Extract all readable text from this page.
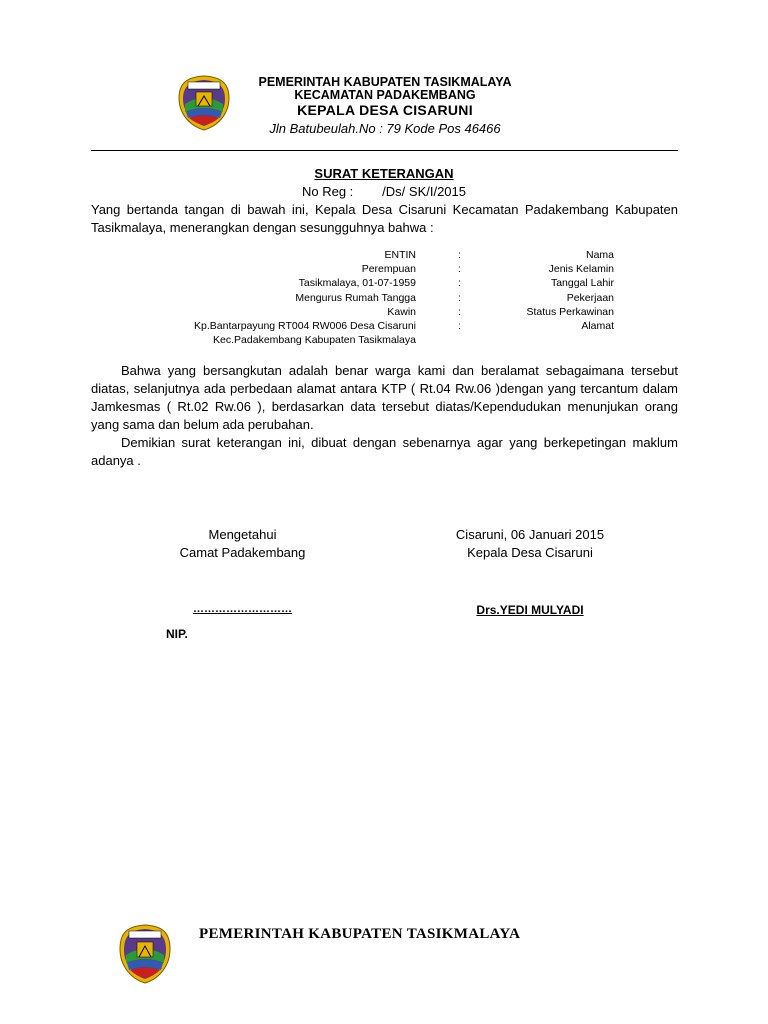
PEMERINTAH KABUPATEN TASIKMALAYA
KECAMATAN PADAKEMBANG
KEPALA DESA CISARUNI
Jln Batubeulah.No : 79 Kode Pos 46466
SURAT KETERANGAN
No Reg :        /Ds/ SK/I/2015
Yang bertanda tangan di bawah ini, Kepala Desa Cisaruni Kecamatan Padakembang Kabupaten Tasikmalaya, menerangkan dengan sesungguhnya bahwa :
ENTIN	:	Nama
Perempuan	:	Jenis Kelamin
Tasikmalaya, 01-07-1959	:	Tanggal Lahir
Mengurus Rumah Tangga	:	Pekerjaan
Kawin	:	Status Perkawinan
Kp.Bantarpayung RT004 RW006 Desa Cisaruni	:	Alamat
Kec.Padakembang Kabupaten Tasikmalaya
Bahwa yang bersangkutan adalah benar warga kami dan beralamat sebagaimana tersebut diatas, selanjutnya ada perbedaan alamat antara KTP ( Rt.04 Rw.06 )dengan yang tercantum dalam Jamkesmas ( Rt.02 Rw.06 ), berdasarkan data tersebut diatas/Kependudukan menunjukan orang yang sama dan belum ada perubahan.
Demikian surat keterangan ini, dibuat dengan sebenarnya agar yang berkepetingan maklum adanya .
Mengetahui
Camat Padakembang
………………………
NIP.
Cisaruni, 06 Januari 2015
Kepala Desa Cisaruni
Drs.YEDI MULYADI
PEMERINTAH KABUPATEN TASIKMALAYA
